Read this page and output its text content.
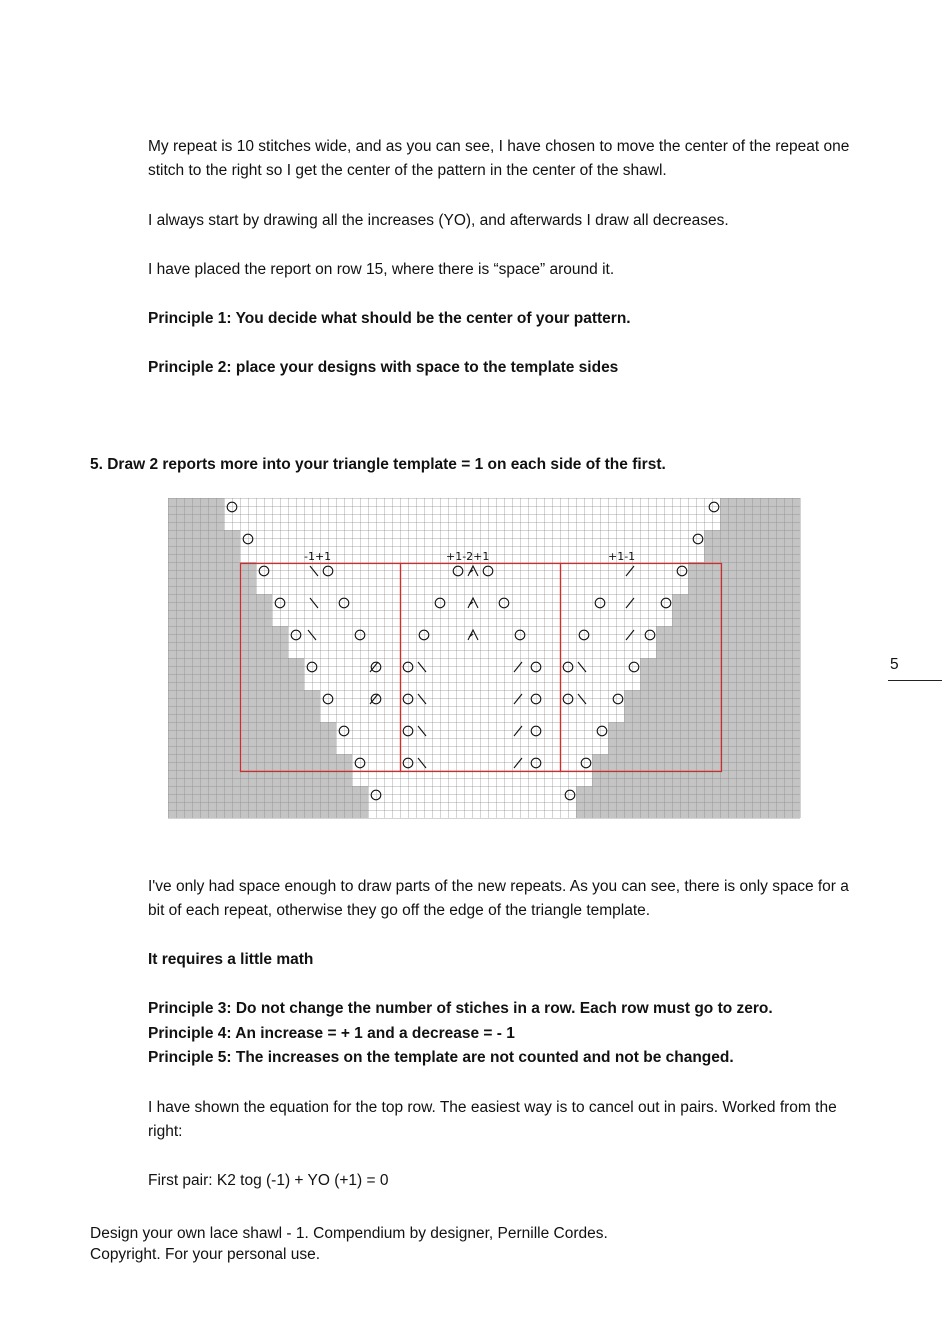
My repeat is 10 stitches wide, and as you can see, I have chosen to move the center of the repeat one stitch to the right so I get the center of the pattern in the center of the shawl.

I always start by drawing all the increases (YO), and afterwards I draw all decreases.

I have placed the report on row 15, where there is “space” around it.

Principle 1: You decide what should be the center of your pattern.

Principle 2: place your designs with space to the template sides

5. Draw 2 reports more into your triangle template = 1 on each side of the first.

-1+1	+1-2+1	+1-1
5

I've only had space enough to draw parts of the new repeats. As you can see, there is only space for a bit of each repeat, otherwise they go off the edge of the triangle template.

It requires a little math

Principle 3: Do not change the number of stiches in a row. Each row must go to zero.

Principle 4: An increase = + 1 and a decrease = - 1

Principle 5: The increases on the template are not counted and not be changed.

I have shown the equation for the top row. The easiest way is to cancel out in pairs. Worked from the right:

First pair: K2 tog (-1) + YO (+1) = 0

Design your own lace shawl - 1. Compendium by designer, Pernille Cordes.
Copyright. For your personal use.
